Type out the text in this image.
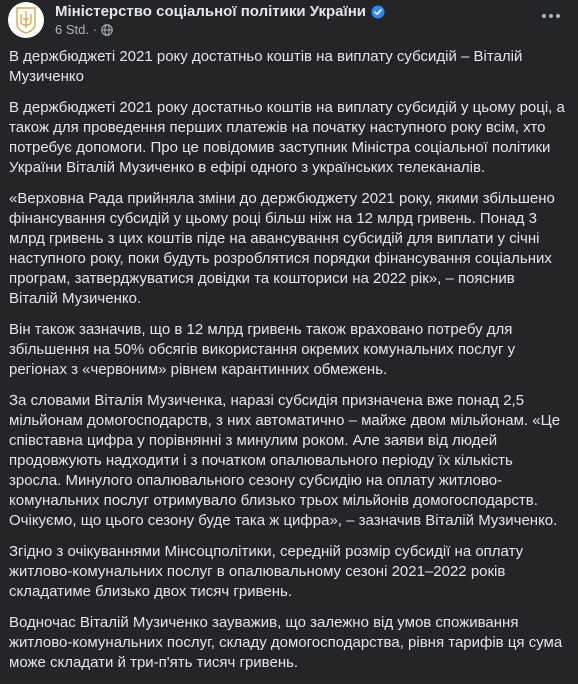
Міністерство соціальної політики України
6 Std. ·

В держбюджеті 2021 року достатньо коштів на виплату субсидій – Віталій Музиченко

В держбюджеті 2021 року достатньо коштів на виплату субсидій у цьому році, а також для проведення перших платежів на початку наступного року всім, хто потребує допомоги. Про це повідомив заступник Міністра соціальної політики України Віталій Музиченко в ефірі одного з українських телеканалів.

«Верховна Рада прийняла зміни до держбюджету 2021 року, якими збільшено фінансування субсидій у цьому році більш ніж на 12 млрд гривень. Понад 3 млрд гривень з цих коштів піде на авансування субсидій для виплати у січні наступного року, поки будуть розроблятися порядки фінансування соціальних програм, затверджуватися довідки та кошториси на 2022 рік», – пояснив Віталій Музиченко.

Він також зазначив, що в 12 млрд гривень також враховано потребу для збільшення на 50% обсягів використання окремих комунальних послуг у регіонах з «червоним» рівнем карантинних обмежень.

За словами Віталія Музиченка, наразі субсидія призначена вже понад 2,5 мільйонам домогосподарств, з них автоматично – майже двом мільйонам. «Це співставна цифра у порівнянні з минулим роком. Але заяви від людей продовжують надходити і з початком опалювального періоду їх кількість зросла. Минулого опалювального сезону субсидію на оплату житлово-комунальних послуг отримувало близько трьох мільйонів домогосподарств. Очікуємо, що цього сезону буде така ж цифра», – зазначив Віталій Музиченко.

Згідно з очікуваннями Мінсоцполітики, середній розмір субсидії на оплату житлово-комунальних послуг в опалювальному сезоні 2021–2022 років складатиме близько двох тисяч гривень.

Водночас Віталій Музиченко зауважив, що залежно від умов споживання житлово-комунальних послуг, складу домогосподарства, рівня тарифів ця сума може складати й три-п'ять тисяч гривень.
